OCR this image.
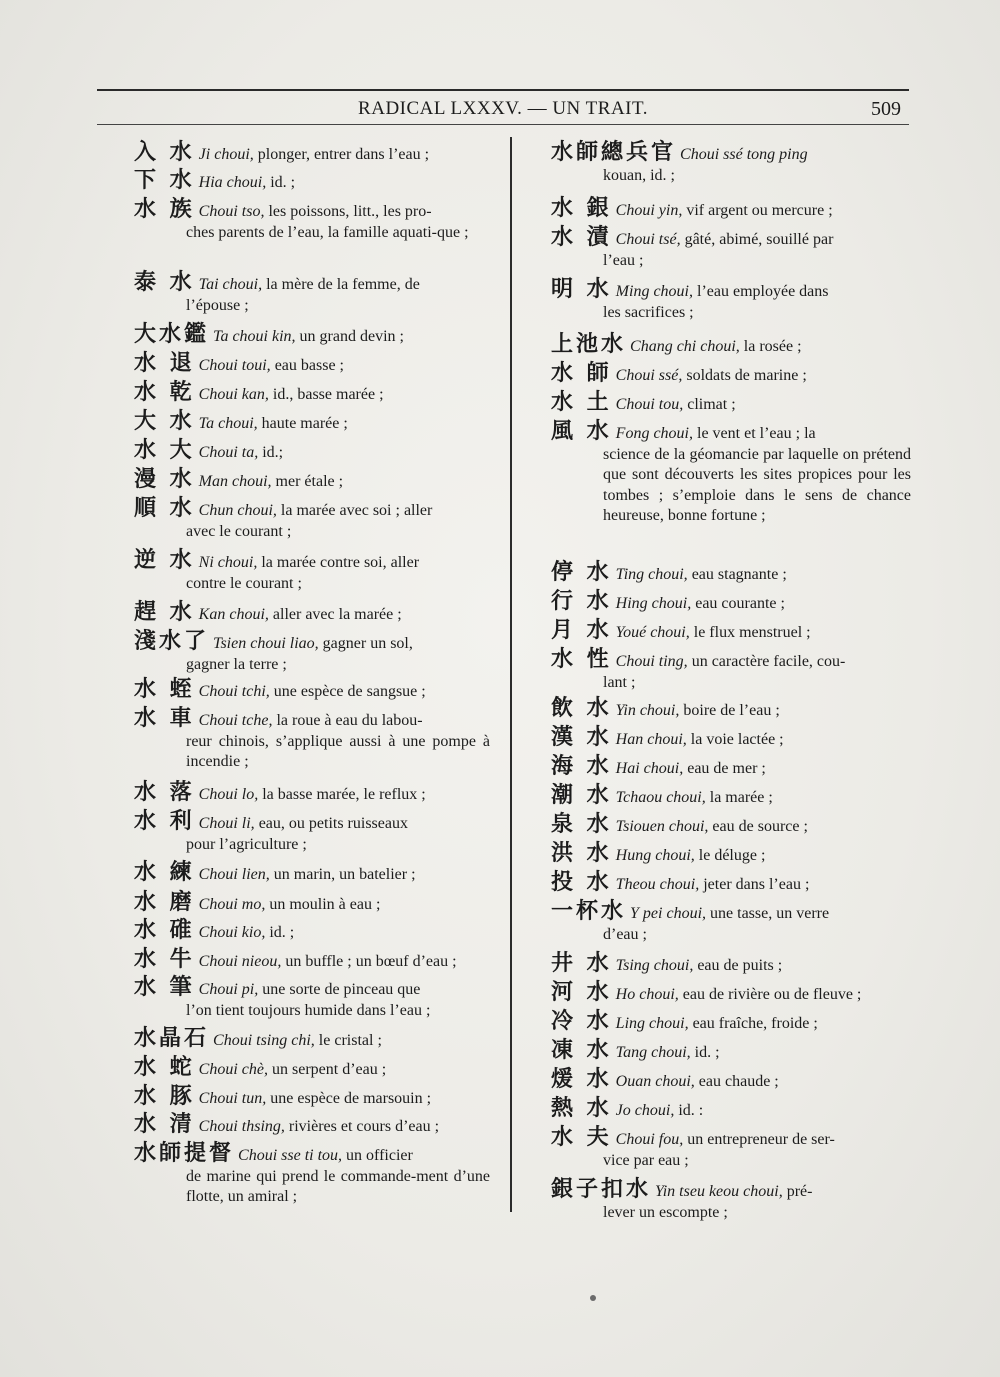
RADICAL LXXXV. — UN TRAIT.	509
入 水 Ji choui, plonger, entrer dans l’eau ;
下 水 Hia choui, id. ;
水 族 Choui tso, les poissons, litt., les pro-
ches parents de l’eau, la famille aquati-que ;
泰 水 Tai choui, la mère de la femme, de
l’épouse ;
大水鑑 Ta choui kin, un grand devin ;
水 退 Choui toui, eau basse ;
水 乾 Choui kan, id., basse marée ;
大 水 Ta choui, haute marée ;
水 大 Choui ta, id.;
漫 水 Man choui, mer étale ;
順 水 Chun choui, la marée avec soi ; aller
avec le courant ;
逆 水 Ni choui, la marée contre soi, aller
contre le courant ;
趕 水 Kan choui, aller avec la marée ;
淺水了 Tsien choui liao, gagner un sol,
gagner la terre ;
水 蛭 Choui tchi, une espèce de sangsue ;
水 車 Choui tche, la roue à eau du labou-
reur chinois, s’applique aussi à une pompe à incendie ;
水 落 Choui lo, la basse marée, le reflux ;
水 利 Choui li, eau, ou petits ruisseaux
pour l’agriculture ;
水 練 Choui lien, un marin, un batelier ;
水 磨 Choui mo, un moulin à eau ;
水 碓 Choui kio, id. ;
水 牛 Choui nieou, un buffle ; un bœuf d’eau ;
水 筆 Choui pi, une sorte de pinceau que
l’on tient toujours humide dans l’eau ;
水晶石 Choui tsing chi, le cristal ;
水 蛇 Choui chè, un serpent d’eau ;
水 豚 Choui tun, une espèce de marsouin ;
水 清 Choui thsing, rivières et cours d’eau ;
水師提督 Choui sse ti tou, un officier
de marine qui prend le commande-ment d’une flotte, un amiral ;
水師總兵官 Choui ssé tong ping
kouan, id. ;
水 銀 Choui yin, vif argent ou mercure ;
水 漬 Choui tsé, gâté, abimé, souillé par
l’eau ;
明 水 Ming choui, l’eau employée dans
les sacrifices ;
上池水 Chang chi choui, la rosée ;
水 師 Choui ssé, soldats de marine ;
水 土 Choui tou, climat ;
風 水 Fong choui, le vent et l’eau ; la
science de la géomancie par laquelle on prétend que sont découverts les sites propices pour les tombes ; s’emploie dans le sens de chance heureuse, bonne fortune ;
停 水 Ting choui, eau stagnante ;
行 水 Hing choui, eau courante ;
月 水 Youé choui, le flux menstruel ;
水 性 Choui ting, un caractère facile, cou-
lant ;
飲 水 Yin choui, boire de l’eau ;
漢 水 Han choui, la voie lactée ;
海 水 Hai choui, eau de mer ;
潮 水 Tchaou choui, la marée ;
泉 水 Tsiouen choui, eau de source ;
洪 水 Hung choui, le déluge ;
投 水 Theou choui, jeter dans l’eau ;
一杯水 Y pei choui, une tasse, un verre
d’eau ;
井 水 Tsing choui, eau de puits ;
河 水 Ho choui, eau de rivière ou de fleuve ;
冷 水 Ling choui, eau fraîche, froide ;
凍 水 Tang choui, id. ;
煖 水 Ouan choui, eau chaude ;
熱 水 Jo choui, id. :
水 夫 Choui fou, un entrepreneur de ser-
vice par eau ;
銀子扣水 Yin tseu keou choui, pré-
lever un escompte ;
